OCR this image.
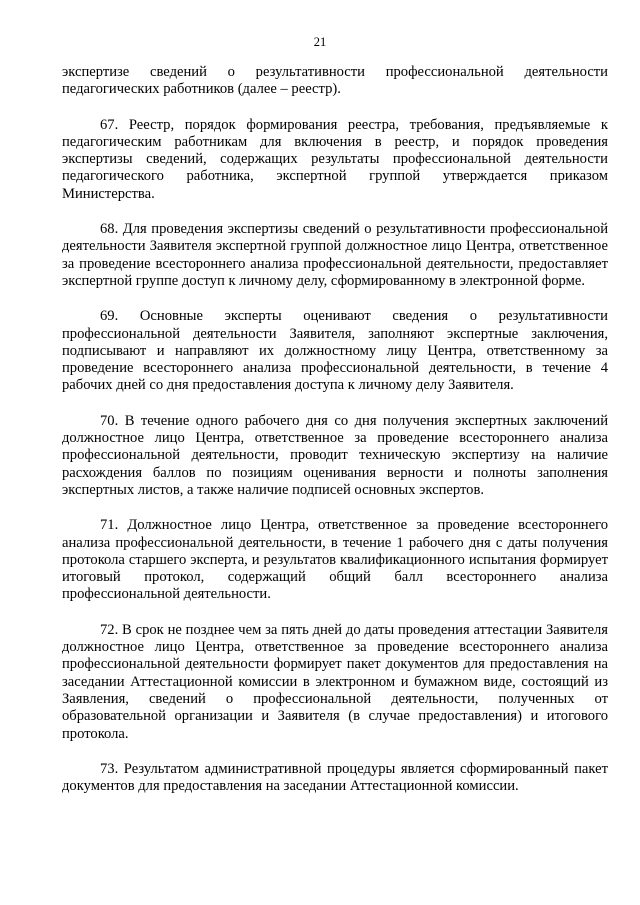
21

экспертизе сведений о результативности профессиональной деятельности педагогических работников (далее – реестр).

67. Реестр, порядок формирования реестра, требования, предъявляемые к педагогическим работникам для включения в реестр, и порядок проведения экспертизы сведений, содержащих результаты профессиональной деятельности педагогического работника, экспертной группой утверждается приказом Министерства.

68. Для проведения экспертизы сведений о результативности профессиональной деятельности Заявителя экспертной группой должностное лицо Центра, ответственное за проведение всестороннего анализа профессиональной деятельности, предоставляет экспертной группе доступ к личному делу, сформированному в электронной форме.

69. Основные эксперты оценивают сведения о результативности профессиональной деятельности Заявителя, заполняют экспертные заключения, подписывают и направляют их должностному лицу Центра, ответственному за проведение всестороннего анализа профессиональной деятельности, в течение 4 рабочих дней со дня предоставления доступа к личному делу Заявителя.

70. В течение одного рабочего дня со дня получения экспертных заключений должностное лицо Центра, ответственное за проведение всестороннего анализа профессиональной деятельности, проводит техническую экспертизу на наличие расхождения баллов по позициям оценивания верности и полноты заполнения экспертных листов, а также наличие подписей основных экспертов.

71. Должностное лицо Центра, ответственное за проведение всестороннего анализа профессиональной деятельности, в течение 1 рабочего дня с даты получения протокола старшего эксперта, и результатов квалификационного испытания формирует итоговый протокол, содержащий общий балл всестороннего анализа профессиональной деятельности.

72. В срок не позднее чем за пять дней до даты проведения аттестации Заявителя должностное лицо Центра, ответственное за проведение всестороннего анализа профессиональной деятельности формирует пакет документов для предоставления на заседании Аттестационной комиссии в электронном и бумажном виде, состоящий из Заявления, сведений о профессиональной деятельности, полученных от образовательной организации и Заявителя (в случае предоставления) и итогового протокола.

73. Результатом административной процедуры является сформированный пакет документов для предоставления на заседании Аттестационной комиссии.
